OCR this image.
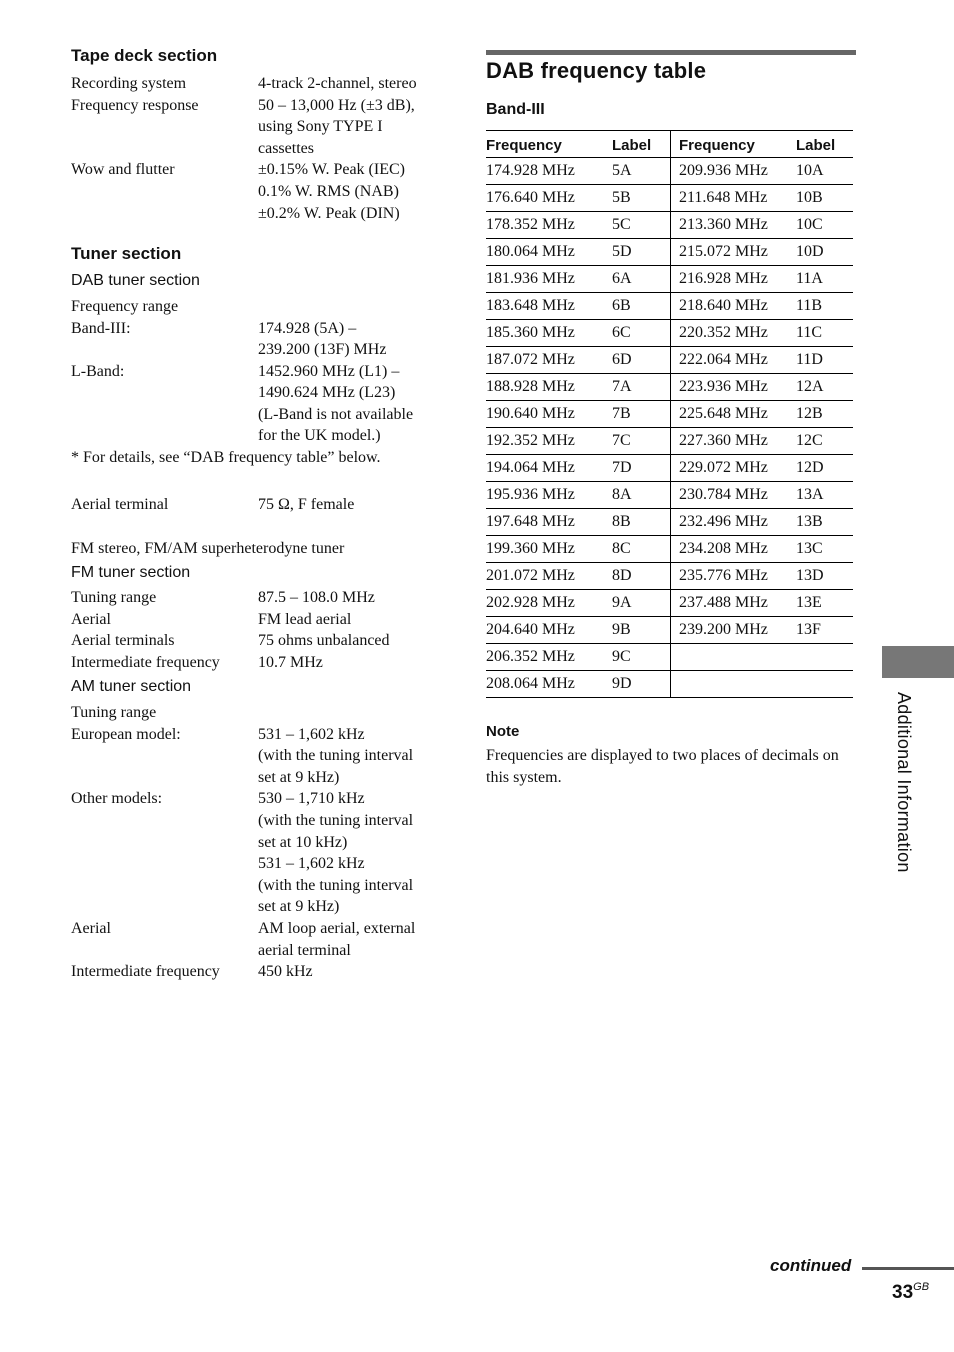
Tape deck section
Recording system	4-track 2-channel, stereo
Frequency response	50 – 13,000 Hz (±3 dB),
using Sony TYPE I
cassettes
Wow and flutter	±0.15% W. Peak (IEC)
0.1% W. RMS (NAB)
±0.2% W. Peak (DIN)
Tuner section
DAB tuner section
Frequency range
Band-III:	174.928 (5A) –
239.200 (13F) MHz
L-Band:	1452.960 MHz (L1) –
1490.624 MHz (L23)
(L-Band is not available
for the UK model.)
* For details, see “DAB frequency table” below.
Aerial terminal	75 Ω, F female
FM stereo, FM/AM superheterodyne tuner
FM tuner section
Tuning range	87.5 – 108.0 MHz
Aerial	FM lead aerial
Aerial terminals	75 ohms unbalanced
Intermediate frequency 10.7 MHz
AM tuner section
Tuning range
European model:	531 – 1,602 kHz
(with the tuning interval
set at 9 kHz)
Other models:	530 – 1,710 kHz
(with the tuning interval
set at 10 kHz)
531 – 1,602 kHz
(with the tuning interval
set at 9 kHz)
Aerial	AM loop aerial, external
aerial terminal
Intermediate frequency 450 kHz
DAB frequency table
Band-III
Frequency	Label	Frequency	Label
174.928 MHz	5A	209.936 MHz	10A
176.640 MHz	5B	211.648 MHz	10B
178.352 MHz	5C	213.360 MHz	10C
180.064 MHz	5D	215.072 MHz	10D
181.936 MHz	6A	216.928 MHz	11A
183.648 MHz	6B	218.640 MHz	11B
185.360 MHz	6C	220.352 MHz	11C
187.072 MHz	6D	222.064 MHz	11D
188.928 MHz	7A	223.936 MHz	12A
190.640 MHz	7B	225.648 MHz	12B
192.352 MHz	7C	227.360 MHz	12C
194.064 MHz	7D	229.072 MHz	12D
195.936 MHz	8A	230.784 MHz	13A
197.648 MHz	8B	232.496 MHz	13B
199.360 MHz	8C	234.208 MHz	13C
201.072 MHz	8D	235.776 MHz	13D
202.928 MHz	9A	237.488 MHz	13E
204.640 MHz	9B	239.200 MHz	13F
206.352 MHz	9C		
208.064 MHz	9D		
Note
Frequencies are displayed to two places of decimals on this system.	Additional Information
continued
$33^{GB}$
